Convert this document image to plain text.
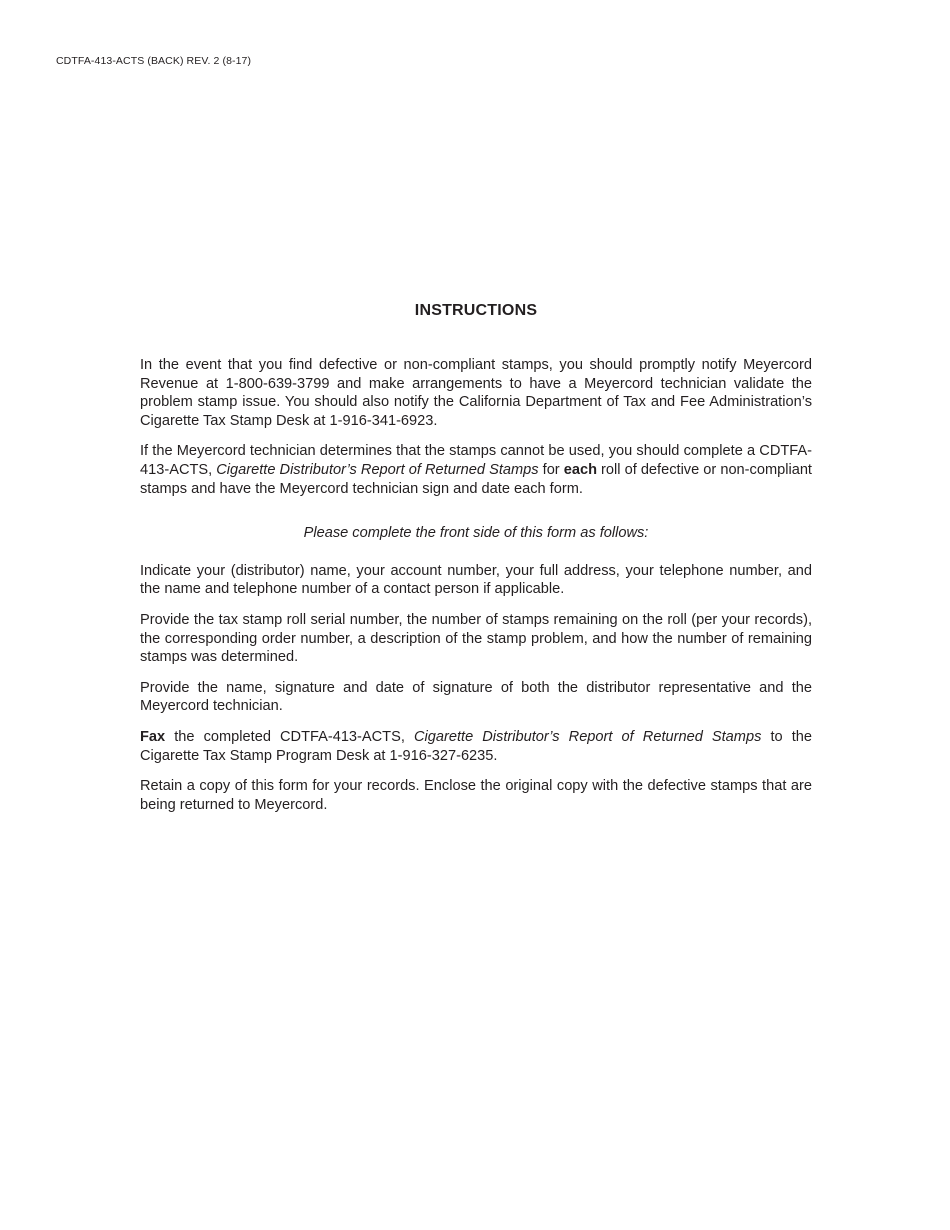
CDTFA-413-ACTS (BACK) REV. 2 (8-17)
INSTRUCTIONS

In the event that you find defective or non-compliant stamps, you should promptly notify Meyercord Revenue at 1-800-639-3799 and make arrangements to have a Meyercord technician validate the problem stamp issue. You should also notify the California Department of Tax and Fee Administration’s Cigarette Tax Stamp Desk at 1-916-341-6923.

If the Meyercord technician determines that the stamps cannot be used, you should complete a CDTFA-413-ACTS, Cigarette Distributor’s Report of Returned Stamps for each roll of defective or non-compliant stamps and have the Meyercord technician sign and date each form.

Please complete the front side of this form as follows:

Indicate your (distributor) name, your account number, your full address, your telephone number, and the name and telephone number of a contact person if applicable.

Provide the tax stamp roll serial number, the number of stamps remaining on the roll (per your records), the corresponding order number, a description of the stamp problem, and how the number of remaining stamps was determined.

Provide the name, signature and date of signature of both the distributor representative and the Meyercord technician.

Fax the completed CDTFA-413-ACTS, Cigarette Distributor’s Report of Returned Stamps to the Cigarette Tax Stamp Program Desk at 1-916-327-6235.

Retain a copy of this form for your records. Enclose the original copy with the defective stamps that are being returned to Meyercord.
